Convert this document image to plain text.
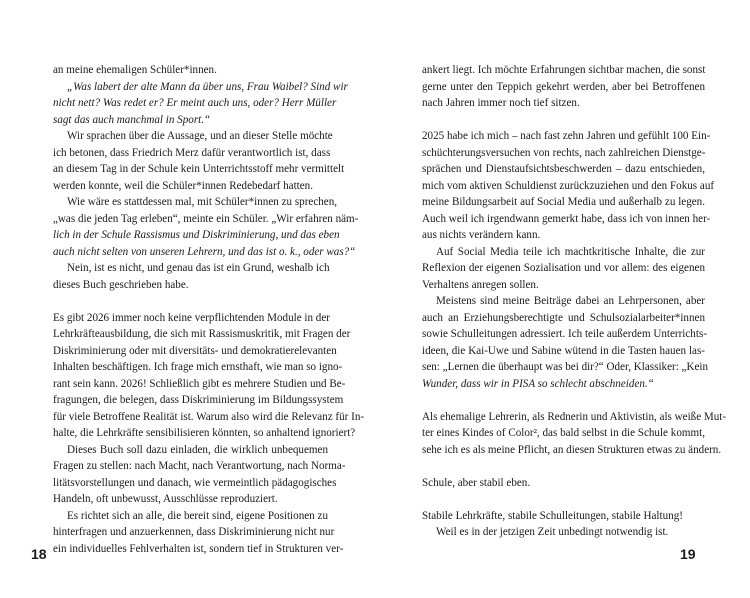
an meine ehemaligen Schüler*innen.
„Was labert der alte Mann da über uns, Frau Waibel? Sind wir
nicht nett? Was redet er? Er meint auch uns, oder? Herr Müller
sagt das auch manchmal in Sport.“
Wir sprachen über die Aussage, und an dieser Stelle möchte
ich betonen, dass Friedrich Merz dafür verantwortlich ist, dass
an diesem Tag in der Schule kein Unterrichtsstoff mehr vermittelt
werden konnte, weil die Schüler*innen Redebedarf hatten.
Wie wäre es stattdessen mal, mit Schüler*innen zu sprechen,
„was die jeden Tag erleben“, meinte ein Schüler. „Wir erfahren näm-
lich in der Schule Rassismus und Diskriminierung, und das eben
auch nicht selten von unseren Lehrern, und das ist o. k., oder was?“
Nein, ist es nicht, und genau das ist ein Grund, weshalb ich
dieses Buch geschrieben habe.
Es gibt 2026 immer noch keine verpflichtenden Module in der
Lehrkräfteausbildung, die sich mit Rassismuskritik, mit Fragen der
Diskriminierung oder mit diversitäts- und demokratierelevanten
Inhalten beschäftigen. Ich frage mich ernsthaft, wie man so igno-
rant sein kann. 2026! Schließlich gibt es mehrere Studien und Be-
fragungen, die belegen, dass Diskriminierung im Bildungssystem
für viele Betroffene Realität ist. Warum also wird die Relevanz für In-
halte, die Lehrkräfte sensibilisieren könnten, so anhaltend ignoriert?
Dieses Buch soll dazu einladen, die wirklich unbequemen
Fragen zu stellen: nach Macht, nach Verantwortung, nach Norma-
litätsvorstellungen und danach, wie vermeintlich pädagogisches
Handeln, oft unbewusst, Ausschlüsse reproduziert.
Es richtet sich an alle, die bereit sind, eigene Positionen zu
hinterfragen und anzuerkennen, dass Diskriminierung nicht nur
ein individuelles Fehlverhalten ist, sondern tief in Strukturen ver-
18
ankert liegt. Ich möchte Erfahrungen sichtbar machen, die sonst
gerne unter den Teppich gekehrt werden, aber bei Betroffenen
nach Jahren immer noch tief sitzen.
2025 habe ich mich – nach fast zehn Jahren und gefühlt 100 Ein-
schüchterungsversuchen von rechts, nach zahlreichen Dienstge-
sprächen und Dienstaufsichtsbeschwerden – dazu entschieden,
mich vom aktiven Schuldienst zurückzuziehen und den Fokus auf
meine Bildungsarbeit auf Social Media und außerhalb zu legen.
Auch weil ich irgendwann gemerkt habe, dass ich von innen her-
aus nichts verändern kann.
Auf Social Media teile ich machtkritische Inhalte, die zur
Reflexion der eigenen Sozialisation und vor allem: des eigenen
Verhaltens anregen sollen.
Meistens sind meine Beiträge dabei an Lehrpersonen, aber
auch an Erziehungsberechtigte und Schulsozialarbeiter*innen
sowie Schulleitungen adressiert. Ich teile außerdem Unterrichts-
ideen, die Kai-Uwe und Sabine wütend in die Tasten hauen las-
sen: „Lernen die überhaupt was bei dir?“ Oder, Klassiker: „Kein
Wunder, dass wir in PISA so schlecht abschneiden.“
Als ehemalige Lehrerin, als Rednerin und Aktivistin, als weiße Mut-
ter eines Kindes of Color², das bald selbst in die Schule kommt,
sehe ich es als meine Pflicht, an diesen Strukturen etwas zu ändern.
Schule, aber stabil eben.
Stabile Lehrkräfte, stabile Schulleitungen, stabile Haltung!
Weil es in der jetzigen Zeit unbedingt notwendig ist.
19
